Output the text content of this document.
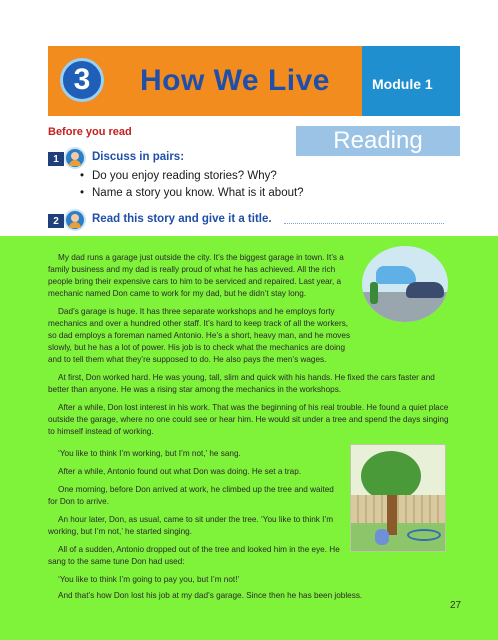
3	How We Live	Module 1
Before you read	Reading
1	Discuss in pairs:
• Do you enjoy reading stories? Why?
• Name a story you know. What is it about?
2	Read this story and give it a title.
My dad runs a garage just outside the city. It’s the biggest garage in town. It’s a family business and my dad is really proud of what he has achieved. All the rich people bring their expensive cars to him to be serviced and repaired. Last year, a mechanic named Don came to work for my dad, but he didn’t stay long.
Dad’s garage is huge. It has three separate workshops and he employs forty mechanics and over a hundred other staff. It’s hard to keep track of all the workers, so dad employs a foreman named Antonio. He’s a short, heavy man, and he moves slowly, but he has a lot of power. His job is to check what the mechanics are doing and to tell them what they’re supposed to do. He also pays the men’s wages.
At first, Don worked hard. He was young, tall, slim and quick with his hands. He fixed the cars faster and better than anyone. He was a rising star among the mechanics in the workshops.
After a while, Don lost interest in his work. That was the beginning of his real trouble. He found a quiet place outside the garage, where no one could see or hear him. He would sit under a tree and spend the days singing to himself instead of working.
‘You like to think I’m working, but I’m not,’ he sang.
After a while, Antonio found out what Don was doing. He set a trap.
One morning, before Don arrived at work, he climbed up the tree and waited for Don to arrive.
An hour later, Don, as usual, came to sit under the tree. ‘You like to think I’m working, but I’m not,’ he started singing.
All of a sudden, Antonio dropped out of the tree and looked him in the eye. He sang to the same tune Don had used:
‘You like to think I’m going to pay you, but I’m not!’
And that’s how Don lost his job at my dad’s garage. Since then he has been jobless.
27
